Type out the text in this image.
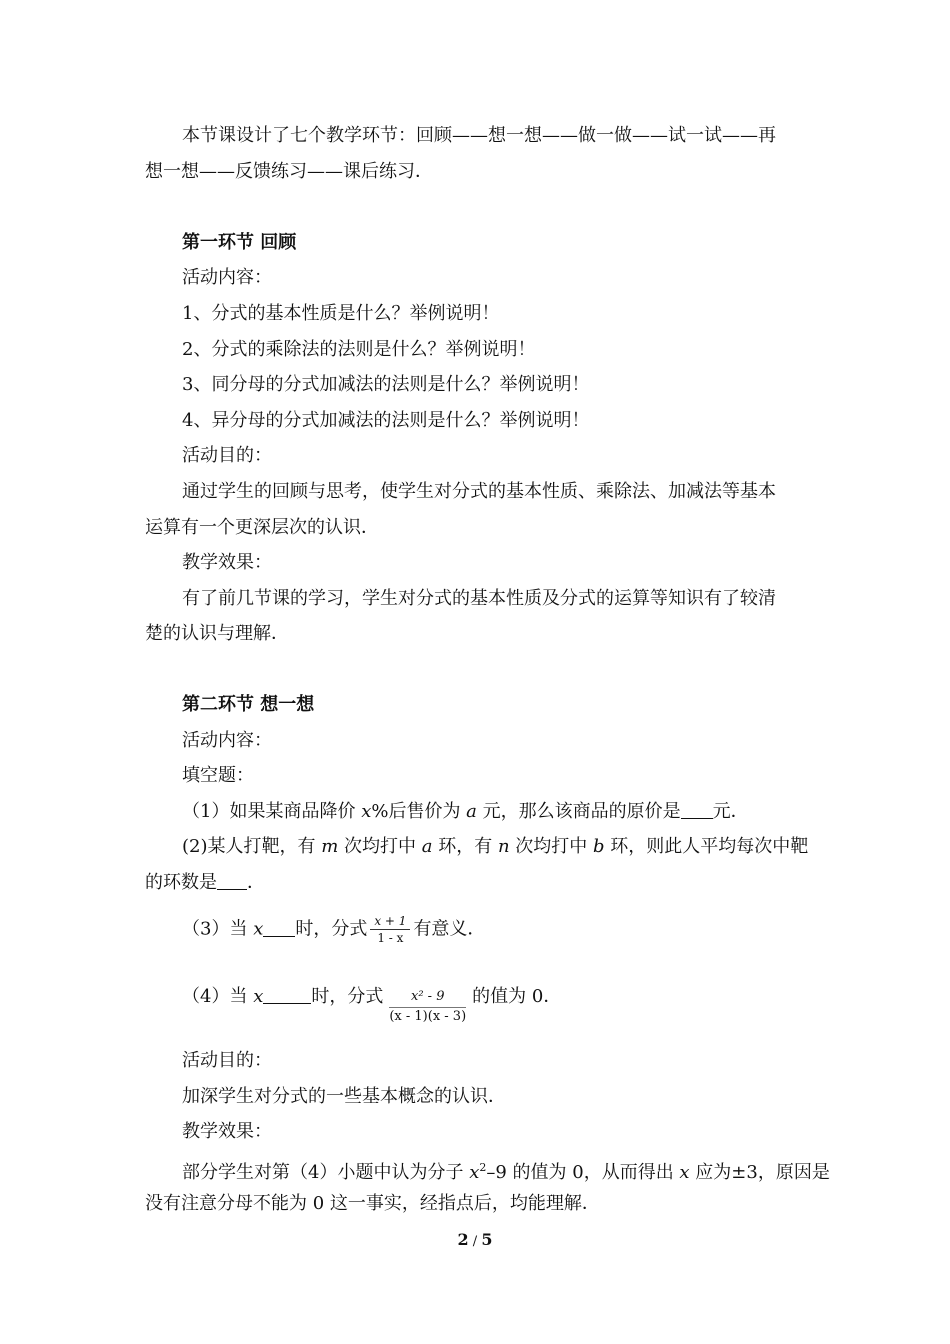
本节课设计了七个教学环节：回顾——想一想——做一做——试一试——再
想一想——反馈练习——课后练习．
第一环节 回顾
活动内容：
1、分式的基本性质是什么？举例说明！
2、分式的乘除法的法则是什么？举例说明！
3、同分母的分式加减法的法则是什么？举例说明！
4、异分母的分式加减法的法则是什么？举例说明！
活动目的：
通过学生的回顾与思考，使学生对分式的基本性质、乘除法、加减法等基本
运算有一个更深层次的认识．
教学效果：
有了前几节课的学习，学生对分式的基本性质及分式的运算等知识有了较清
楚的认识与理解．
第二环节 想一想
活动内容：
填空题：
（1）如果某商品降价 x%后售价为 a 元，那么该商品的原价是 元．
(2)某人打靶，有 m 次均打中 a 环，有 n 次均打中 b 环，则此人平均每次中靶
的环数是 ．
（3）当 x 时，分式 $\frac{x + 1}{1 - x}$ 有意义．
（4）当 x	时，分式 $\frac{\text{x² - 9}}{(x - 1)(x - 3)}$ 的值为 0．
活动目的：
加深学生对分式的一些基本概念的认识．
教学效果：
部分学生对第（4）小题中认为分子 $x^2-9$ 的值为 0，从而得出 x 应为±3，原因是
没有注意分母不能为 0 这一事实，经指点后，均能理解．
2 / 5
